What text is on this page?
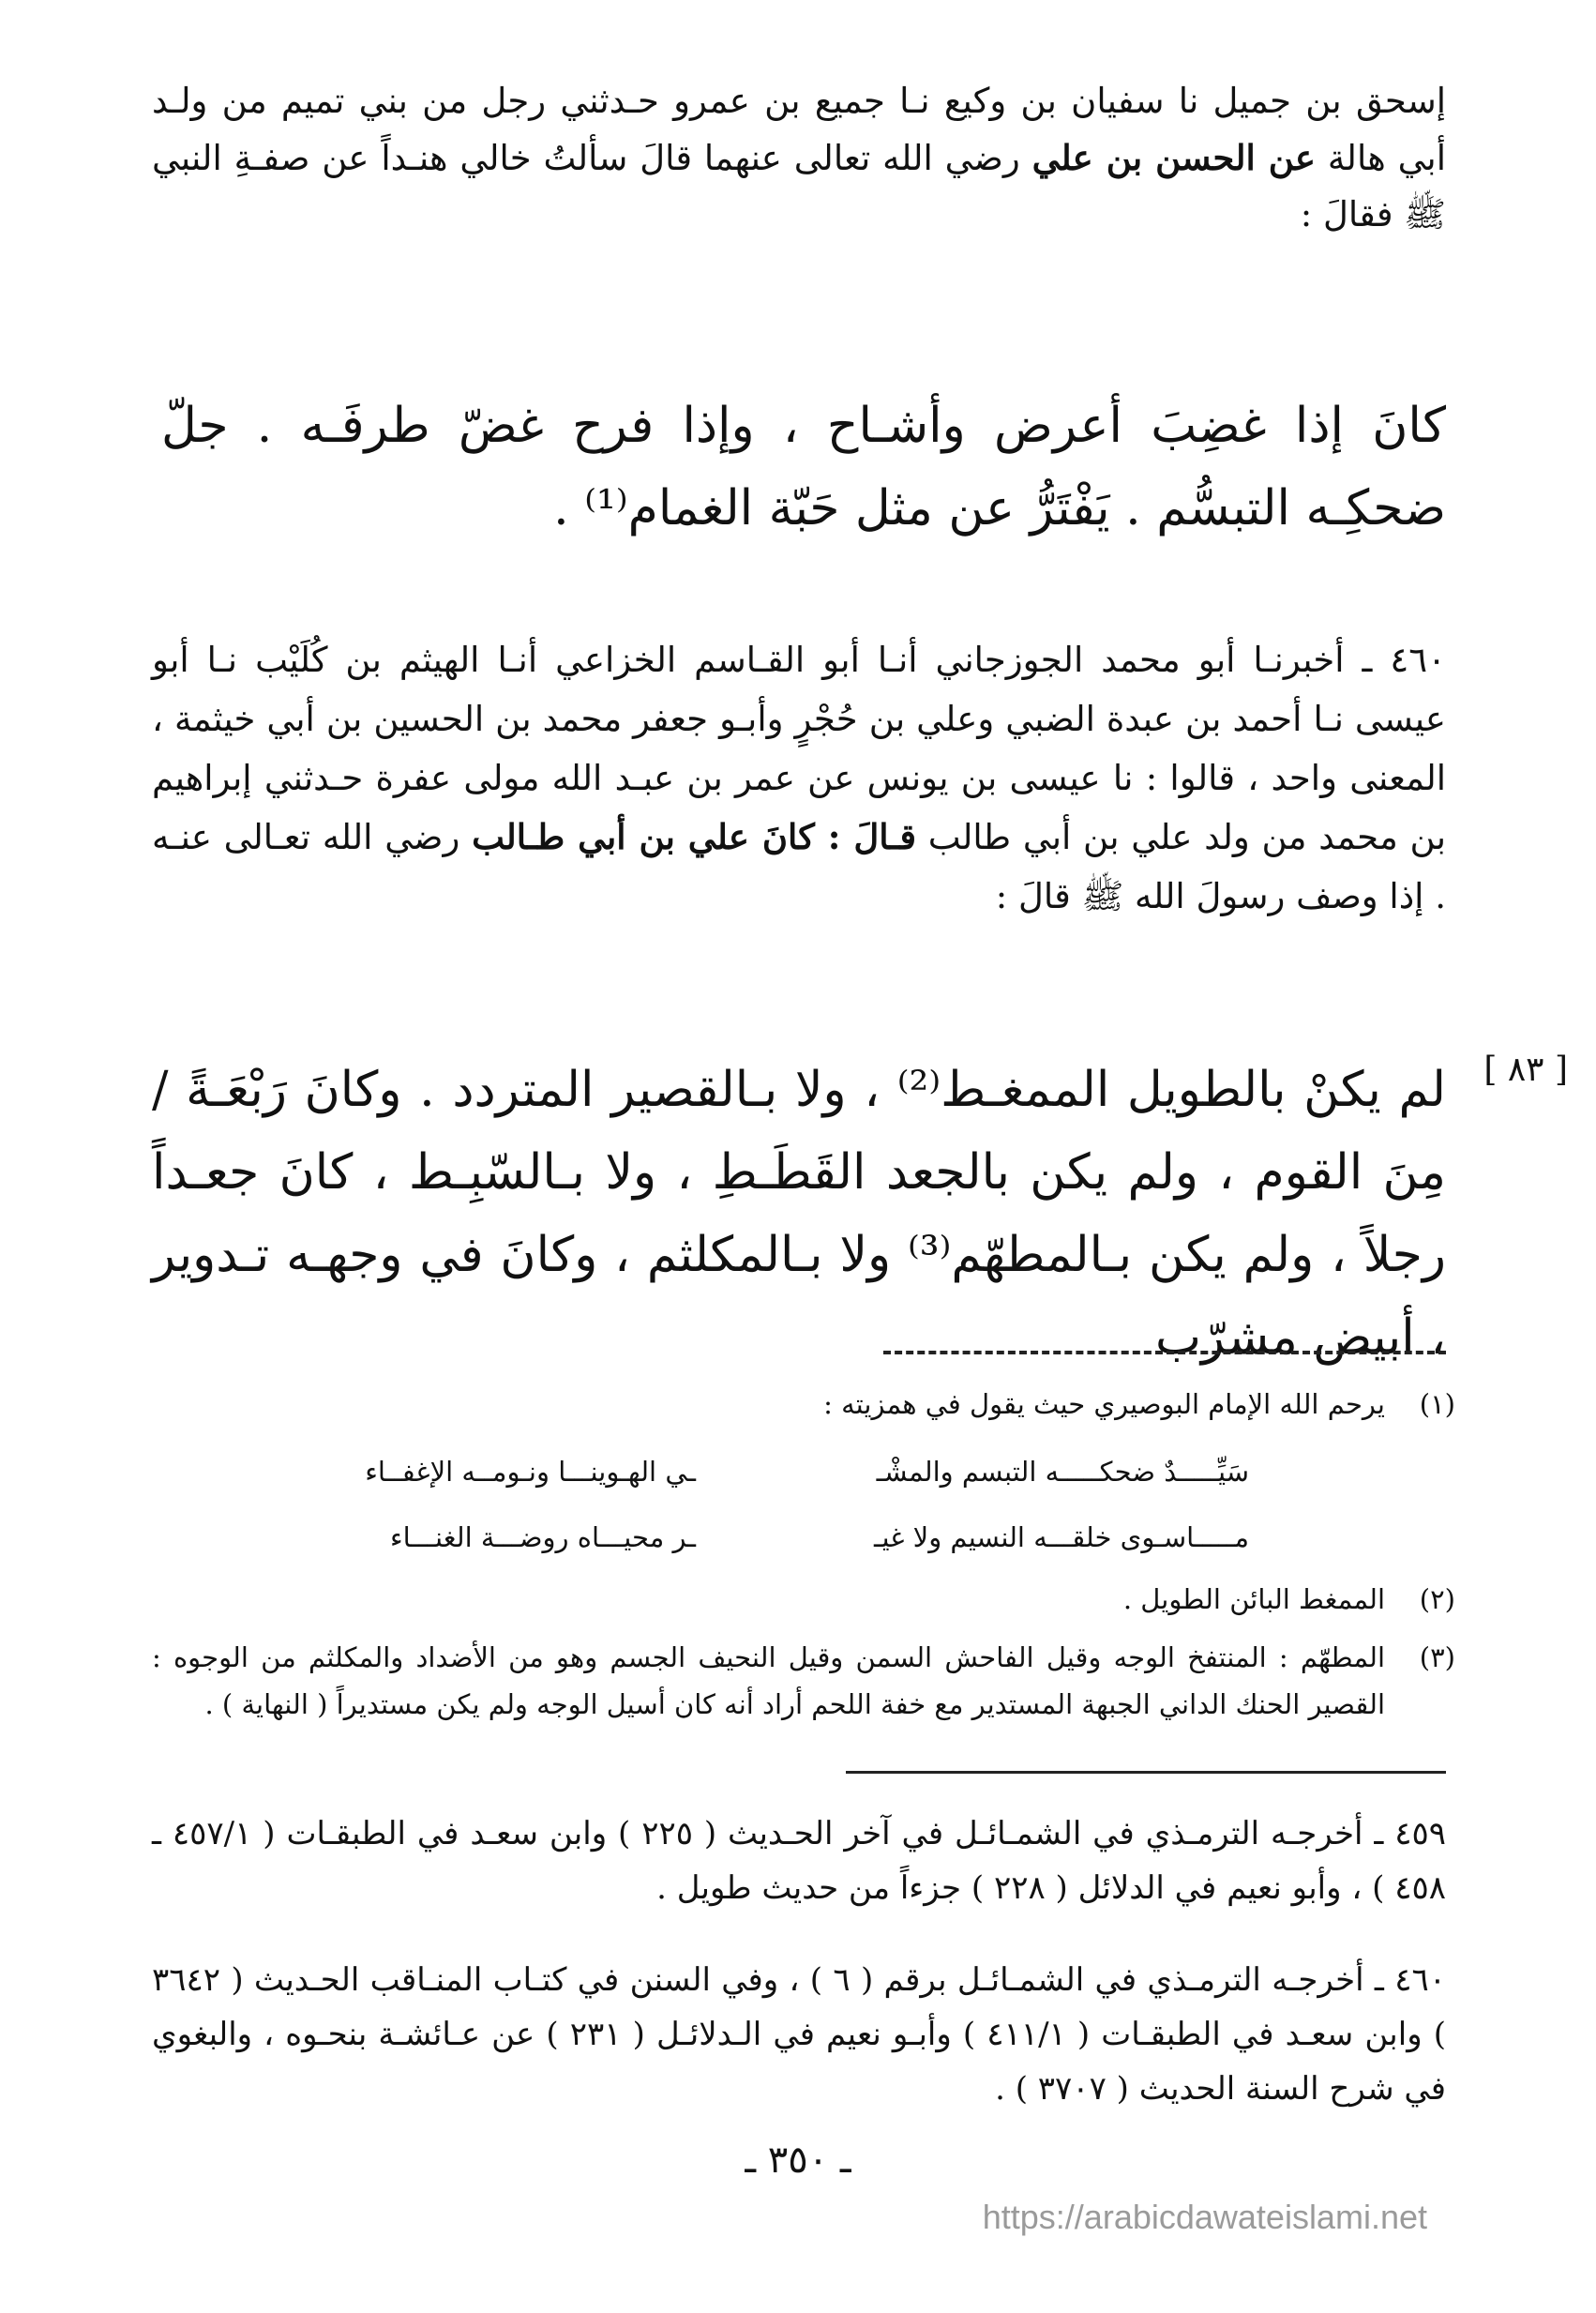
إسحق بن جميل نا سفيان بن وكيع نـا جميع بن عمرو حـدثني رجل من بني تميم من ولـد أبي هالة عن الحسن بن علي رضي الله تعالى عنهما قالَ سألتُ خالي هنـداً عن صفـةِ النبي ﷺ فقالَ :
كانَ إذا غضِبَ أعرض وأشـاح ، وإذا فرح غضّ طرفَـه . جلّ ضحكِـه التبسُّم . يَفْتَرُّ عن مثل حَبّة الغمام⁽¹⁾ .
٤٦٠ ـ أخبرنـا أبو محمد الجوزجاني أنـا أبو القـاسم الخزاعي أنـا الهيثم بن كُلَيْب نـا أبو عيسى نـا أحمد بن عبدة الضبي وعلي بن حُجْرٍ وأبـو جعفر محمد بن الحسين بن أبي خيثمة ، المعنى واحد ، قالوا : نا عيسى بن يونس عن عمر بن عبـد الله مولى عفرة حـدثني إبراهيم بن محمد من ولد علي بن أبي طالب قـالَ : كانَ علي بن أبي طـالب رضي الله تعـالى عنـه . إذا وصف رسولَ الله ﷺ قالَ :
[ ٨٣ ]
لم يكنْ بالطويل الممغـط⁽²⁾ ، ولا بـالقصير المتردد . وكانَ رَبْعَـةً / مِنَ القوم ، ولم يكن بالجعد القَطَـطِ ، ولا بـالسّبِـط ، كانَ جعـداً رجلاً ، ولم يكن بـالمطهّم⁽³⁾ ولا بـالمكلثم ، وكانَ في وجهـه تـدوير ، أبيض مشرّب
(١)
يرحم الله الإمام البوصيري حيث يقول في همزيته :
سَيِّـــــدٌ ضحكـــــه التبسم والمشْـ
ـي الهـوينـــا ونـومــه الإغفــاء
مـــــاسـوى خلقـــه النسيم ولا غيـ
ـر محيـــاه روضـــة الغنـــاء
(٢)
الممغط البائن الطويل .
(٣)
المطهّم : المنتفخ الوجه وقيل الفاحش السمن وقيل النحيف الجسم وهو من الأضداد والمكلثم من الوجوه : القصير الحنك الداني الجبهة المستدير مع خفة اللحم أراد أنه كان أسيل الوجه ولم يكن مستديراً ( النهاية ) .
٤٥٩ ـ أخرجـه الترمـذي في الشمـائـل في آخر الحـديث ( ٢٢٥ ) وابن سعـد في الطبقـات ( ٤٥٧/١ ـ ٤٥٨ ) ، وأبو نعيم في الدلائل ( ٢٢٨ ) جزءاً من حديث طويل .
٤٦٠ ـ أخرجـه الترمـذي في الشمـائـل برقم ( ٦ ) ، وفي السنن في كتـاب المنـاقب الحـديث ( ٣٦٤٢ ) وابن سعـد في الطبقـات ( ٤١١/١ ) وأبـو نعيم في الـدلائـل ( ٢٣١ ) عن عـائشـة بنحـوه ، والبغوي في شرح السنة الحديث ( ٣٧٠٧ ) .
ـ ٣٥٠ ـ
https://arabicdawateislami.net
